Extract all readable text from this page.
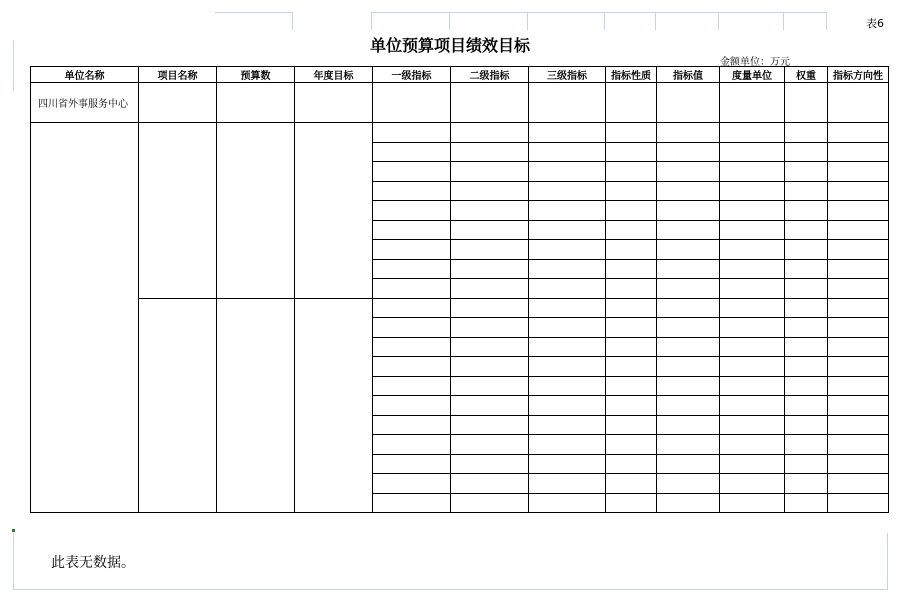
表6
单位预算项目绩效目标
金额单位：万元
单位名称	项目名称	预算数	年度目标	一级指标	二级指标	三级指标	指标性质	指标值	度量单位	权重	指标方向性
四川省外事服务中心											

此表无数据。
